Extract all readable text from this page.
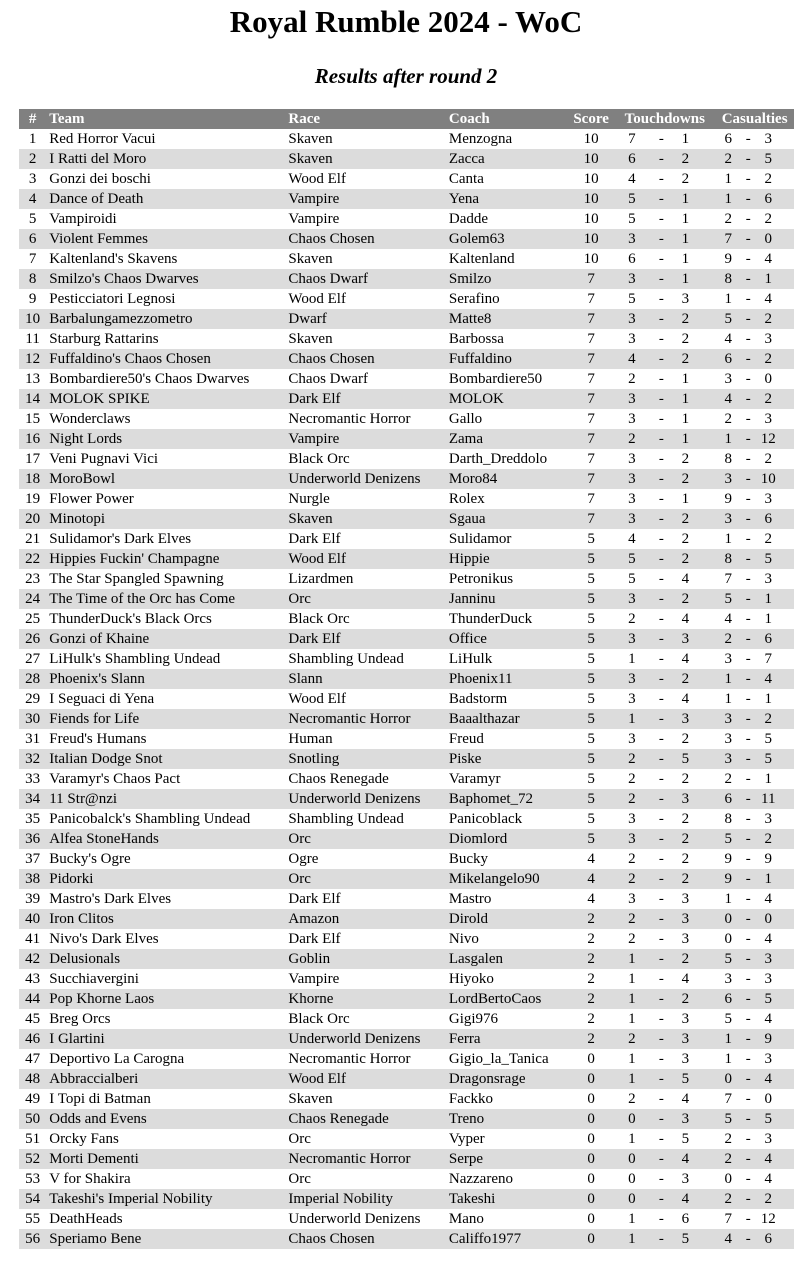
Royal Rumble 2024 - WoC
Results after round 2
#	Team	Race	Coach	Score	Touchdowns	Casualties
1	Red Horror Vacui	Skaven	Menzogna	10	7 - 1	6 - 3

2	I Ratti del Moro	Skaven	Zacca	10	6 - 2	2 - 5

3	Gonzi dei boschi	Wood Elf	Canta	10	4 - 2	1 - 2

4	Dance of Death	Vampire	Yena	10	5 - 1	1 - 6

5	Vampiroidi	Vampire	Dadde	10	5 - 1	2 - 2

6	Violent Femmes	Chaos Chosen	Golem63	10	3 - 1	7 - 0

7	Kaltenland's Skavens	Skaven	Kaltenland	10	6 - 1	9 - 4

8	Smilzo's Chaos Dwarves	Chaos Dwarf	Smilzo	7	3 - 1	8 - 1

9	Pesticciatori Legnosi	Wood Elf	Serafino	7	5 - 3	1 - 4

10	Barbalungamezzometro	Dwarf	Matte8	7	3 - 2	5 - 2

11	Starburg Rattarins	Skaven	Barbossa	7	3 - 2	4 - 3

12	Fuffaldino's Chaos Chosen	Chaos Chosen	Fuffaldino	7	4 - 2	6 - 2

13	Bombardiere50's Chaos Dwarves	Chaos Dwarf	Bombardiere50	7	2 - 1	3 - 0

14	MOLOK SPIKE	Dark Elf	MOLOK	7	3 - 1	4 - 2

15	Wonderclaws	Necromantic Horror	Gallo	7	3 - 1	2 - 3

16	Night Lords	Vampire	Zama	7	2 - 1	1 - 12

17	Veni Pugnavi Vici	Black Orc	Darth_Dreddolo	7	3 - 2	8 - 2

18	MoroBowl	Underworld Denizens	Moro84	7	3 - 2	3 - 10

19	Flower Power	Nurgle	Rolex	7	3 - 1	9 - 3

20	Minotopi	Skaven	Sgaua	7	3 - 2	3 - 6

21	Sulidamor's Dark Elves	Dark Elf	Sulidamor	5	4 - 2	1 - 2

22	Hippies Fuckin' Champagne	Wood Elf	Hippie	5	5 - 2	8 - 5

23	The Star Spangled Spawning	Lizardmen	Petronikus	5	5 - 4	7 - 3

24	The Time of the Orc has Come	Orc	Janninu	5	3 - 2	5 - 1

25	ThunderDuck's Black Orcs	Black Orc	ThunderDuck	5	2 - 4	4 - 1

26	Gonzi of Khaine	Dark Elf	Office	5	3 - 3	2 - 6

27	LiHulk's Shambling Undead	Shambling Undead	LiHulk	5	1 - 4	3 - 7

28	Phoenix's Slann	Slann	Phoenix11	5	3 - 2	1 - 4

29	I Seguaci di Yena	Wood Elf	Badstorm	5	3 - 4	1 - 1

30	Fiends for Life	Necromantic Horror	Baaalthazar	5	1 - 3	3 - 2

31	Freud's Humans	Human	Freud	5	3 - 2	3 - 5

32	Italian Dodge Snot	Snotling	Piske	5	2 - 5	3 - 5

33	Varamyr's Chaos Pact	Chaos Renegade	Varamyr	5	2 - 2	2 - 1

34	11 Str@nzi	Underworld Denizens	Baphomet_72	5	2 - 3	6 - 11

35	Panicobalck's Shambling Undead	Shambling Undead	Panicoblack	5	3 - 2	8 - 3

36	Alfea StoneHands	Orc	Diomlord	5	3 - 2	5 - 2

37	Bucky's Ogre	Ogre	Bucky	4	2 - 2	9 - 9

38	Pidorki	Orc	Mikelangelo90	4	2 - 2	9 - 1

39	Mastro's Dark Elves	Dark Elf	Mastro	4	3 - 3	1 - 4

40	Iron Clitos	Amazon	Dirold	2	2 - 3	0 - 0

41	Nivo's Dark Elves	Dark Elf	Nivo	2	2 - 3	0 - 4

42	Delusionals	Goblin	Lasgalen	2	1 - 2	5 - 3

43	Succhiavergini	Vampire	Hiyoko	2	1 - 4	3 - 3

44	Pop Khorne Laos	Khorne	LordBertoCaos	2	1 - 2	6 - 5

45	Breg Orcs	Black Orc	Gigi976	2	1 - 3	5 - 4

46	I Glartini	Underworld Denizens	Ferra	2	2 - 3	1 - 9

47	Deportivo La Carogna	Necromantic Horror	Gigio_la_Tanica	0	1 - 3	1 - 3

48	Abbraccialberi	Wood Elf	Dragonsrage	0	1 - 5	0 - 4

49	I Topi di Batman	Skaven	Fackko	0	2 - 4	7 - 0

50	Odds and Evens	Chaos Renegade	Treno	0	0 - 3	5 - 5

51	Orcky Fans	Orc	Vyper	0	1 - 5	2 - 3

52	Morti Dementi	Necromantic Horror	Serpe	0	0 - 4	2 - 4

53	V for Shakira	Orc	Nazzareno	0	0 - 3	0 - 4

54	Takeshi's Imperial Nobility	Imperial Nobility	Takeshi	0	0 - 4	2 - 2

55	DeathHeads	Underworld Denizens	Mano	0	1 - 6	7 - 12

56	Speriamo Bene	Chaos Chosen	Califfo1977	0	1 - 5	4 - 6
